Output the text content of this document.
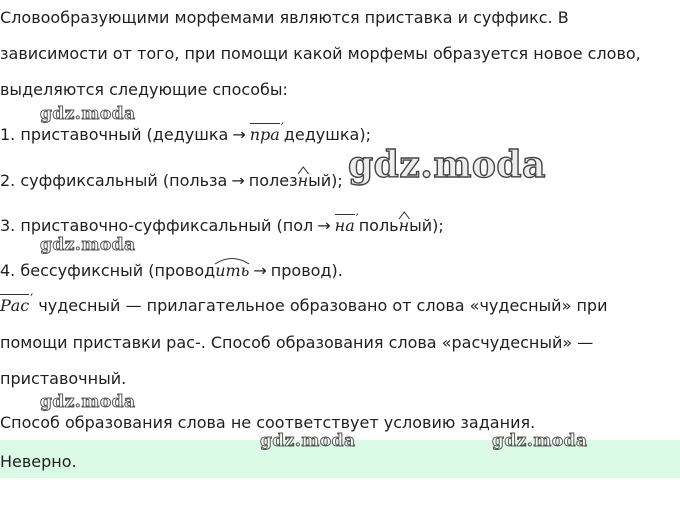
Словообразующими морфемами являются приставка и суффикс. В
зависимости от того, при помощи какой морфемы образуется новое слово,
выделяются следующие способы:
1. приставочный (дедушка → пра′дедушка);
2. суффиксальный (польза → полез
ный);
3. приставочно-суффиксальный (пол → на′поль
ный);
4. бессуфиксный (провод
ить → провод).
Рас′ чудесный — прилагательное образовано от слова «чудесный» при
помощи приставки рас-. Способ образования слова «расчудесный» —
приставочный.
Способ образования слова не соответствует условию задания.
Неверно.
gdz.moda
gdz.moda
gdz.moda
gdz.moda
gdz.moda	gdz.moda
